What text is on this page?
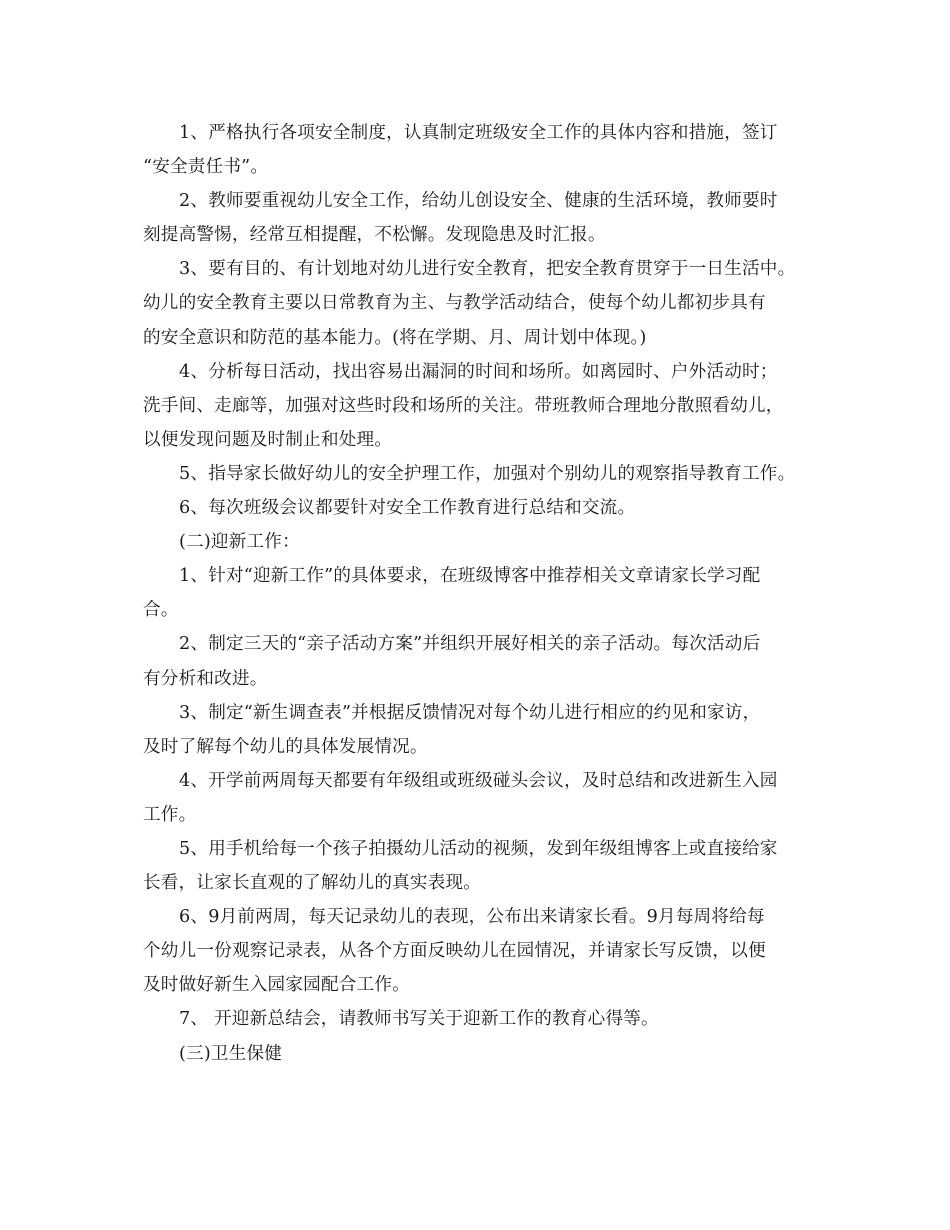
1、严格执行各项安全制度，认真制定班级安全工作的具体内容和措施，签订
“安全责任书”。
2、教师要重视幼儿安全工作，给幼儿创设安全、健康的生活环境，教师要时
刻提高警惕，经常互相提醒，不松懈。发现隐患及时汇报。
3、要有目的、有计划地对幼儿进行安全教育，把安全教育贯穿于一日生活中。
幼儿的安全教育主要以日常教育为主、与教学活动结合，使每个幼儿都初步具有
的安全意识和防范的基本能力。(将在学期、月、周计划中体现。)
4、分析每日活动，找出容易出漏洞的时间和场所。如离园时、户外活动时；
洗手间、走廊等，加强对这些时段和场所的关注。带班教师合理地分散照看幼儿，
以便发现问题及时制止和处理。
5、指导家长做好幼儿的安全护理工作，加强对个别幼儿的观察指导教育工作。
6、每次班级会议都要针对安全工作教育进行总结和交流。
(二)迎新工作：
1、针对“迎新工作”的具体要求，在班级博客中推荐相关文章请家长学习配
合。
2、制定三天的“亲子活动方案”并组织开展好相关的亲子活动。每次活动后
有分析和改进。
3、制定“新生调查表”并根据反馈情况对每个幼儿进行相应的约见和家访，
及时了解每个幼儿的具体发展情况。
4、开学前两周每天都要有年级组或班级碰头会议，及时总结和改进新生入园
工作。
5、用手机给每一个孩子拍摄幼儿活动的视频，发到年级组博客上或直接给家
长看，让家长直观的了解幼儿的真实表现。
6、9月前两周，每天记录幼儿的表现，公布出来请家长看。9月每周将给每
个幼儿一份观察记录表，从各个方面反映幼儿在园情况，并请家长写反馈，以便
及时做好新生入园家园配合工作。
7、 开迎新总结会，请教师书写关于迎新工作的教育心得等。
(三)卫生保健
